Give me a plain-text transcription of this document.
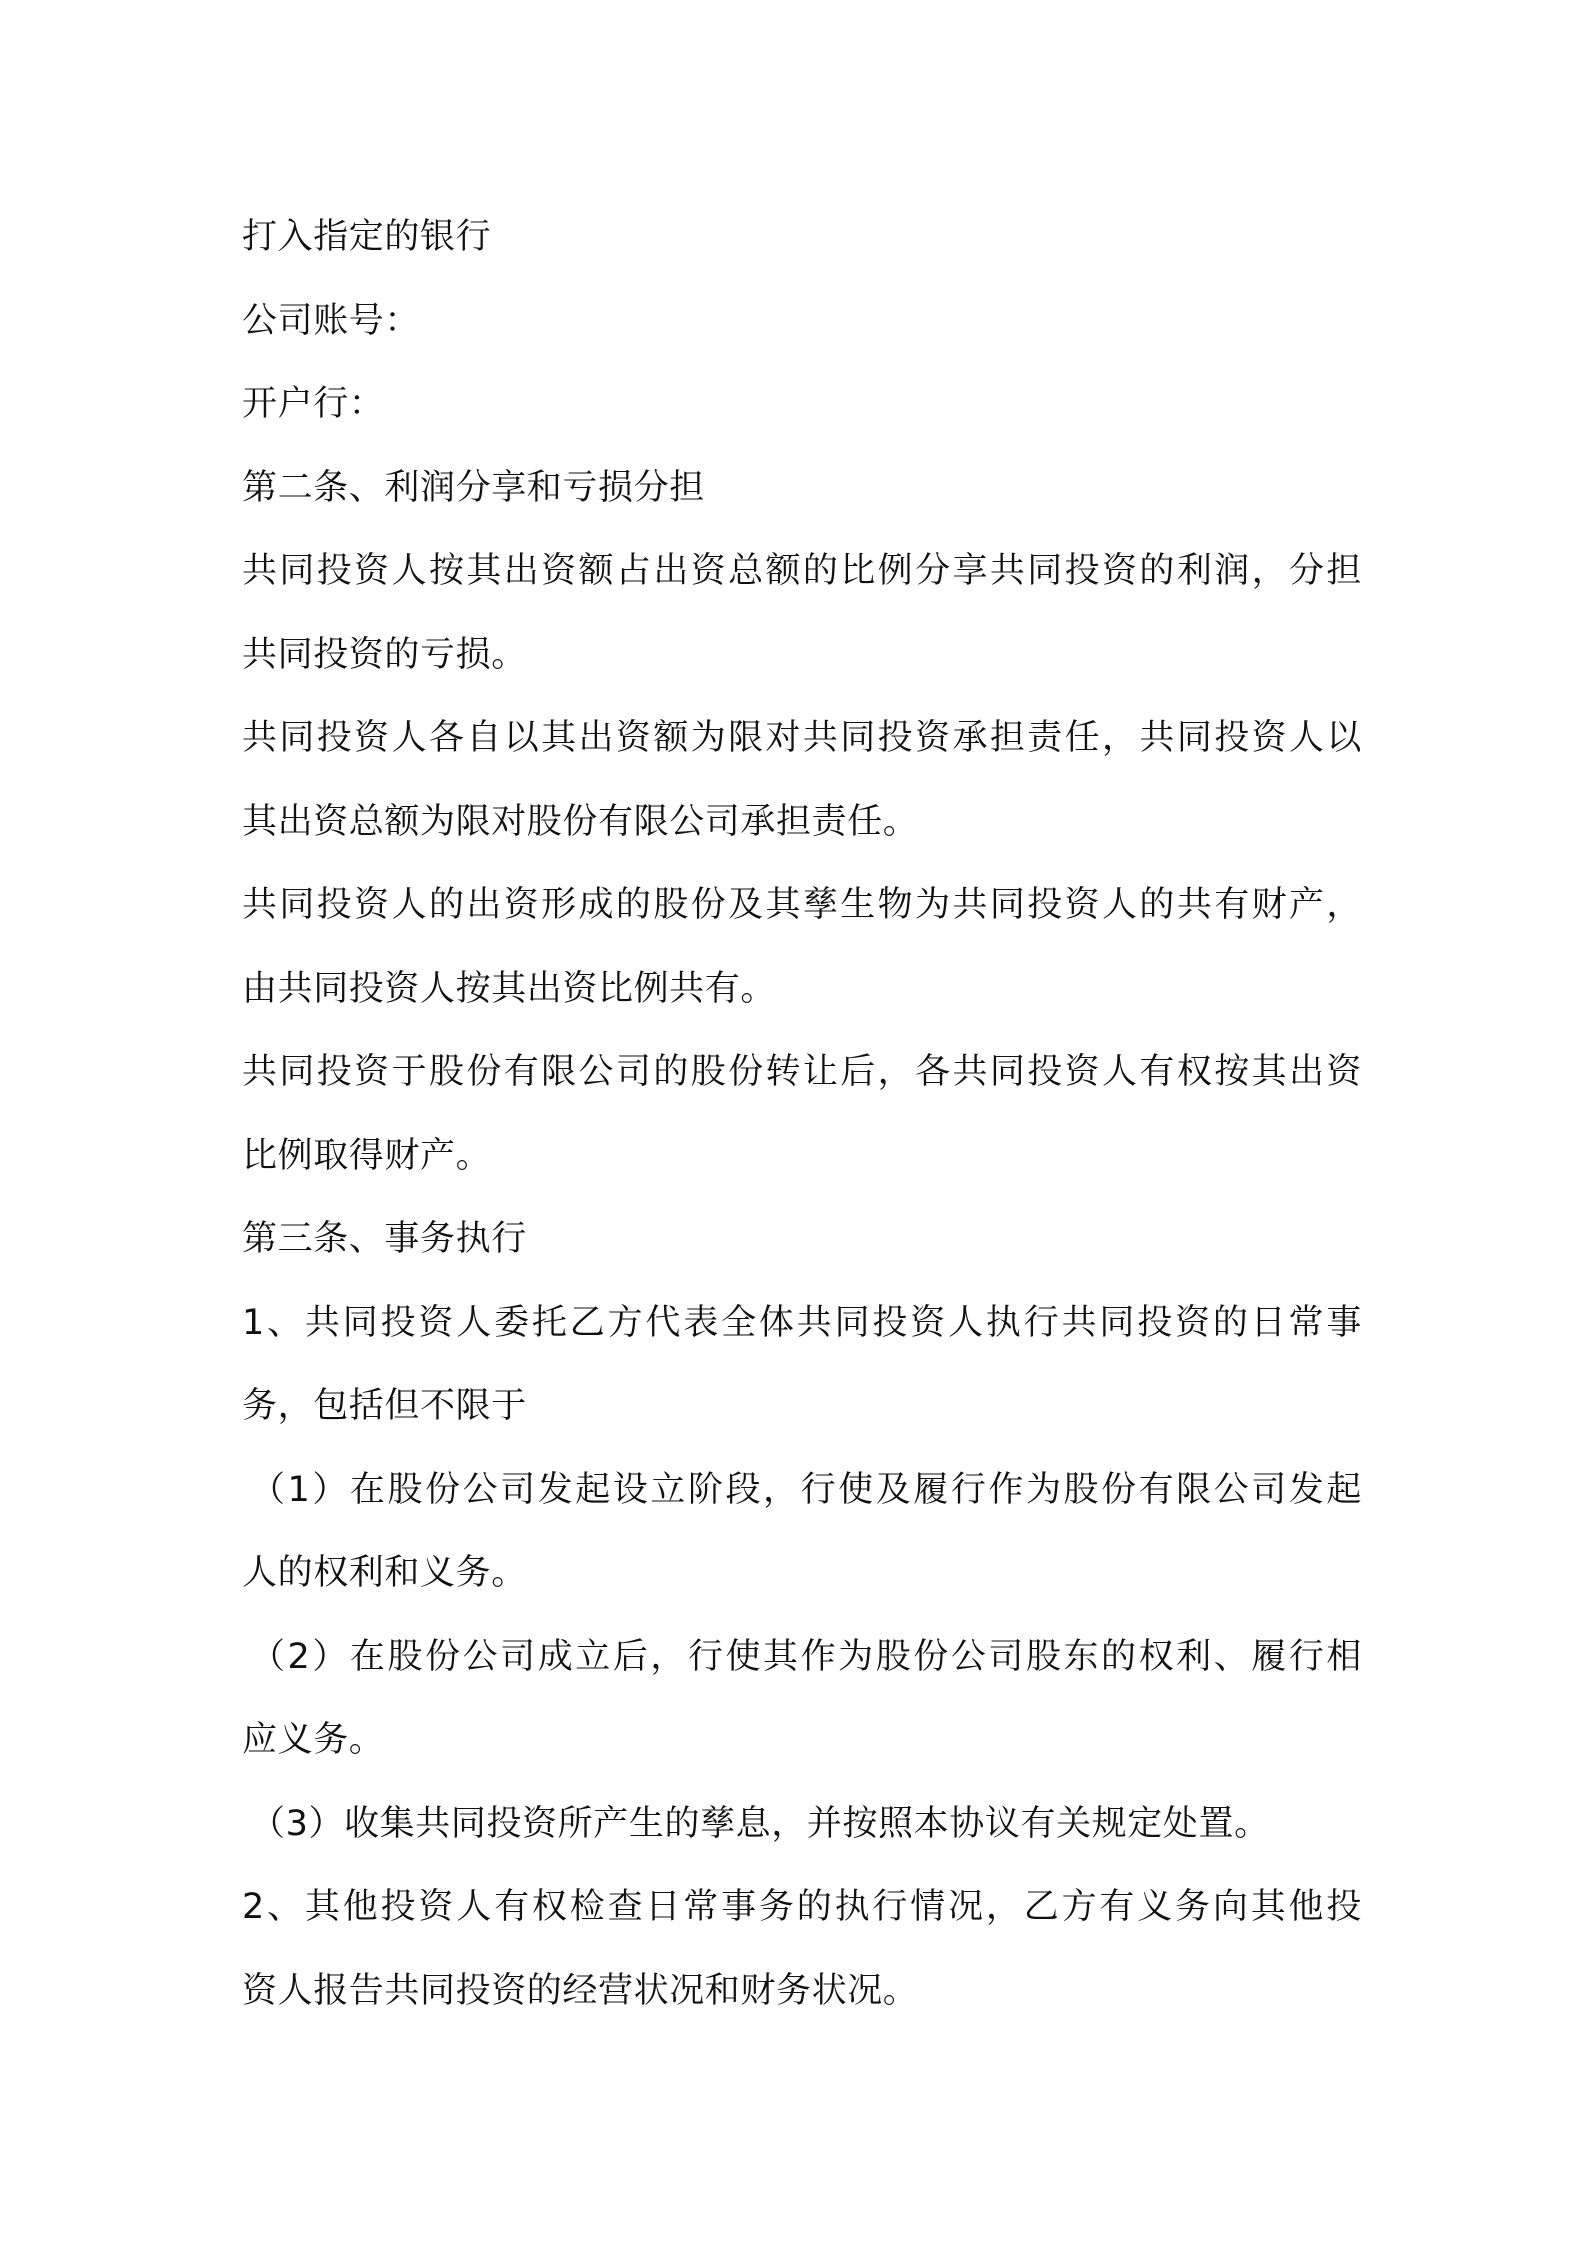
打入指定的银行
公司账号：
开户行：
第二条、利润分享和亏损分担
共同投资人按其出资额占出资总额的比例分享共同投资的利润，分担
共同投资的亏损。
共同投资人各自以其出资额为限对共同投资承担责任，共同投资人以
其出资总额为限对股份有限公司承担责任。
共同投资人的出资形成的股份及其孳生物为共同投资人的共有财产，
由共同投资人按其出资比例共有。
共同投资于股份有限公司的股份转让后，各共同投资人有权按其出资
比例取得财产。
第三条、事务执行
1、共同投资人委托乙方代表全体共同投资人执行共同投资的日常事
务，包括但不限于
（1）在股份公司发起设立阶段，行使及履行作为股份有限公司发起
人的权利和义务。
（2）在股份公司成立后，行使其作为股份公司股东的权利、履行相
应义务。
（3）收集共同投资所产生的孳息，并按照本协议有关规定处置。
2、其他投资人有权检查日常事务的执行情况，乙方有义务向其他投
资人报告共同投资的经营状况和财务状况。
